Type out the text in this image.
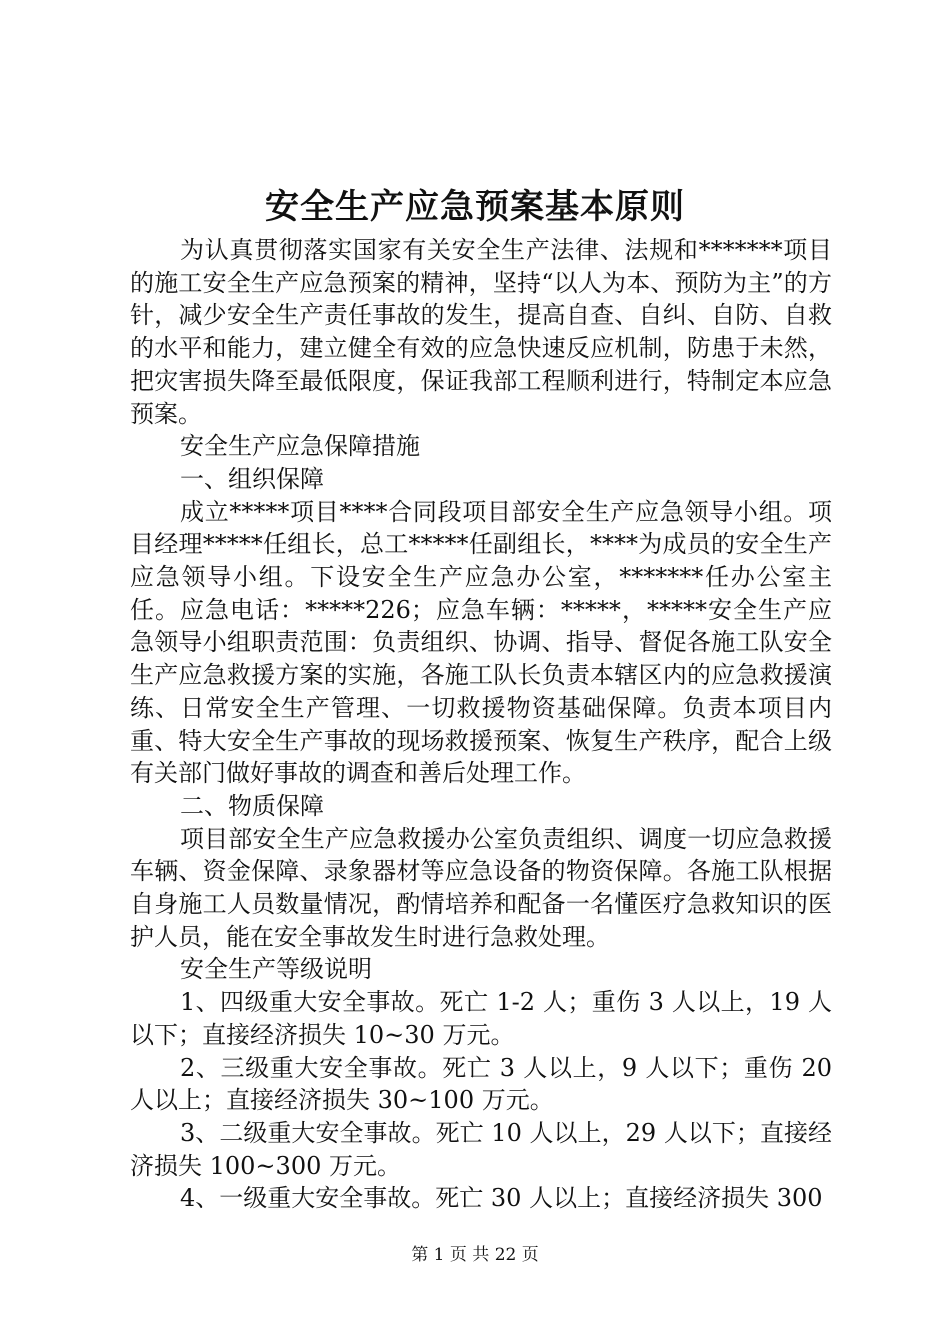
安全生产应急预案基本原则

为认真贯彻落实国家有关安全生产法律、法规和*******项目的施工安全生产应急预案的精神，坚持“以人为本、预防为主”的方针，减少安全生产责任事故的发生，提高自查、自纠、自防、自救的水平和能力，建立健全有效的应急快速反应机制，防患于未然，把灾害损失降至最低限度，保证我部工程顺利进行，特制定本应急预案。

安全生产应急保障措施

一、组织保障

成立*****项目****合同段项目部安全生产应急领导小组。项目经理*****任组长，总工*****任副组长，****为成员的安全生产应急领导小组。下设安全生产应急办公室，*******任办公室主任。应急电话：*****226；应急车辆：*****，*****安全生产应急领导小组职责范围：负责组织、协调、指导、督促各施工队安全生产应急救援方案的实施，各施工队长负责本辖区内的应急救援演练、日常安全生产管理、一切救援物资基础保障。负责本项目内重、特大安全生产事故的现场救援预案、恢复生产秩序，配合上级有关部门做好事故的调查和善后处理工作。

二、物质保障

项目部安全生产应急救援办公室负责组织、调度一切应急救援车辆、资金保障、录象器材等应急设备的物资保障。各施工队根据自身施工人员数量情况，酌情培养和配备一名懂医疗急救知识的医护人员，能在安全事故发生时进行急救处理。

安全生产等级说明

1、四级重大安全事故。死亡 1-2 人；重伤 3 人以上，19 人以下；直接经济损失 10~30 万元。

2、三级重大安全事故。死亡 3 人以上，9 人以下；重伤 20 人以上；直接经济损失 30~100 万元。

3、二级重大安全事故。死亡 10 人以上，29 人以下；直接经济损失 100~300 万元。

4、一级重大安全事故。死亡 30 人以上；直接经济损失 300

第 1 页 共 22 页
